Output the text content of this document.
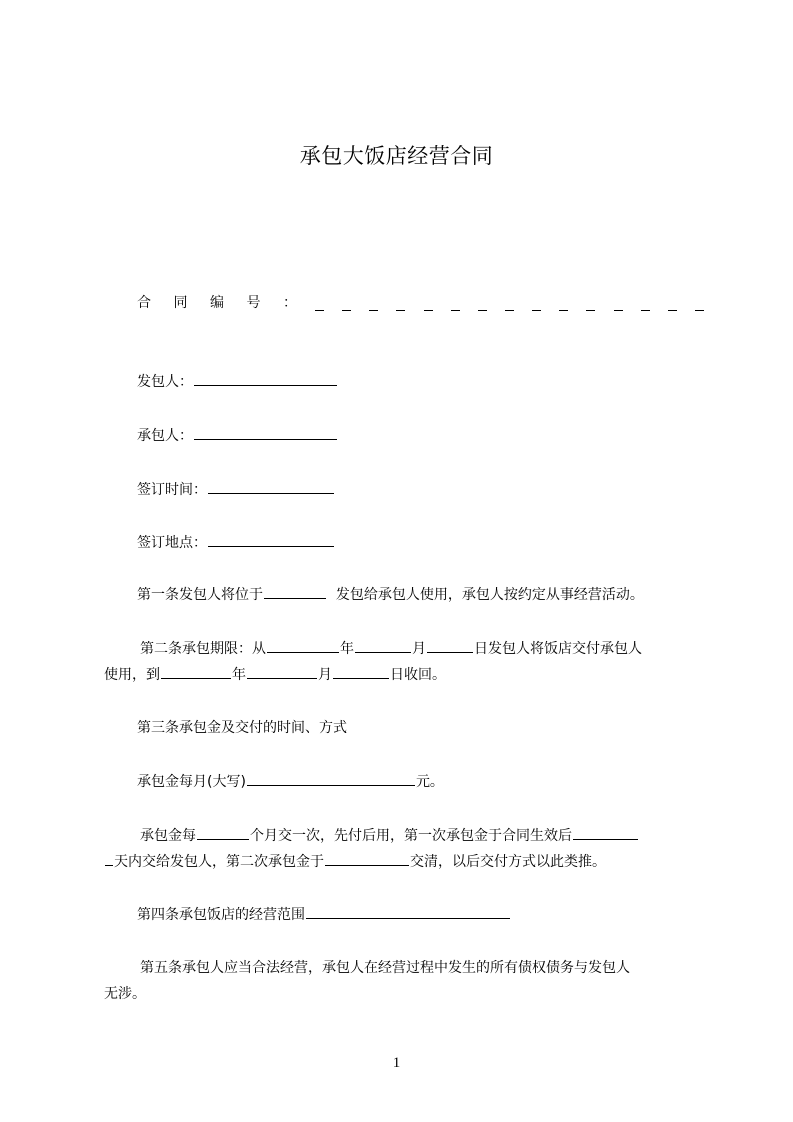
承包大饭店经营合同
合 同 编 号 ：
发包人：
承包人：
签订时间：
签订地点：
第一条发包人将位于	发包给承包人使用，承包人按约定从事经营活动。
第二条承包期限：从	年	月	日发包人将饭店交付承包人
使用，到	年	月	日收回。
第三条承包金及交付的时间、方式
承包金每月(大写)	元。
承包金每	个月交一次，先付后用，第一次承包金于合同生效后
天内交给发包人，第二次承包金于	交清，以后交付方式以此类推。
第四条承包饭店的经营范围
第五条承包人应当合法经营，承包人在经营过程中发生的所有债权债务与发包人
无涉。
1
